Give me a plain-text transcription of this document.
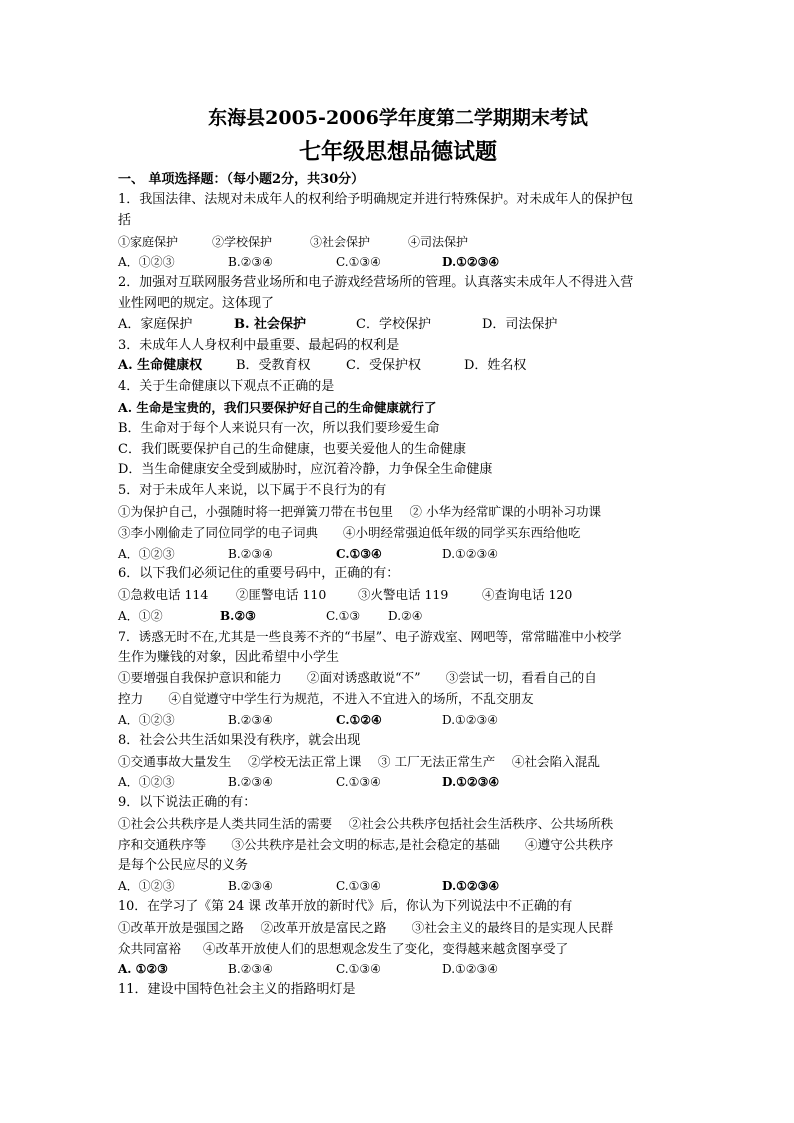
东海县2005-2006学年度第二学期期末考试

七年级思想品德试题

一、 单项选择题：（每小题2分，共30分）

1．我国法律、法规对未成年人的权利给予明确规定并进行特殊保护。对未成年人的保护包

括

①家庭保护	②学校保护	③社会保护	④司法保护
A．①②③	B.②③④	C.①③④	D.①②③④

2．加强对互联网服务营业场所和电子游戏经营场所的管理。认真落实未成年人不得进入营

业性网吧的规定。这体现了

A．家庭保护	B. 社会保护	C．学校保护	D．司法保护

3．未成年人人身权利中最重要、最起码的权利是

A. 生命健康权	B．受教育权	C．受保护权	D．姓名权

4．关于生命健康以下观点不正确的是

A. 生命是宝贵的，我们只要保护好自己的生命健康就行了

B．生命对于每个人来说只有一次，所以我们要珍爱生命

C．我们既要保护自己的生命健康，也要关爱他人的生命健康

D．当生命健康安全受到威胁时，应沉着冷静，力争保全生命健康

5．对于未成年人来说，以下属于不良行为的有

①为保护自己，小强随时将一把弹簧刀带在书包里　 ② 小华为经常旷课的小明补习功课

③李小刚偷走了同位同学的电子词典　　④小明经常强迫低年级的同学买东西给他吃

A．①②③	B.②③④	C.①③④	D.①②③④

6．以下我们必须记住的重要号码中，正确的有：

①急救电话 114	②匪警电话 110	③火警电话 119	④查询电话 120
A．①②	B.②③	C.①③	D.②④

7．诱惑无时不在,尤其是一些良莠不齐的“书屋”、电子游戏室、网吧等，常常瞄准中小校学

生作为赚钱的对象，因此希望中小学生

①要增强自我保护意识和能力　　②面对诱惑敢说“不”　　③尝试一切，看看自己的自

控力　　④自觉遵守中学生行为规范，不进入不宜进入的场所，不乱交朋友

A．①②③	B.②③④	C.①②④	D.①②③④

8．社会公共生活如果没有秩序，就会出现

①交通事故大量发生　 ②学校无法正常上课　 ③ 工厂无法正常生产　 ④社会陷入混乱

A．①②③	B.②③④	C.①③④	D.①②③④

9．以下说法正确的有：

①社会公共秩序是人类共同生活的需要　 ②社会公共秩序包括社会生活秩序、公共场所秩

序和交通秩序等　　③公共秩序是社会文明的标志,是社会稳定的基础　　④遵守公共秩序

是每个公民应尽的义务

A．①②③	B.②③④	C.①③④	D.①②③④

10．在学习了《第 24 课 改革开放的新时代》后，你认为下列说法中不正确的有

①改革开放是强国之路　 ②改革开放是富民之路　　③社会主义的最终目的是实现人民群

众共同富裕 ④改革开放使人们的思想观念发生了变化，变得越来越贪图享受了

A. ①②③	B.②③④	C.①③④	D.①②③④

11．建设中国特色社会主义的指路明灯是
